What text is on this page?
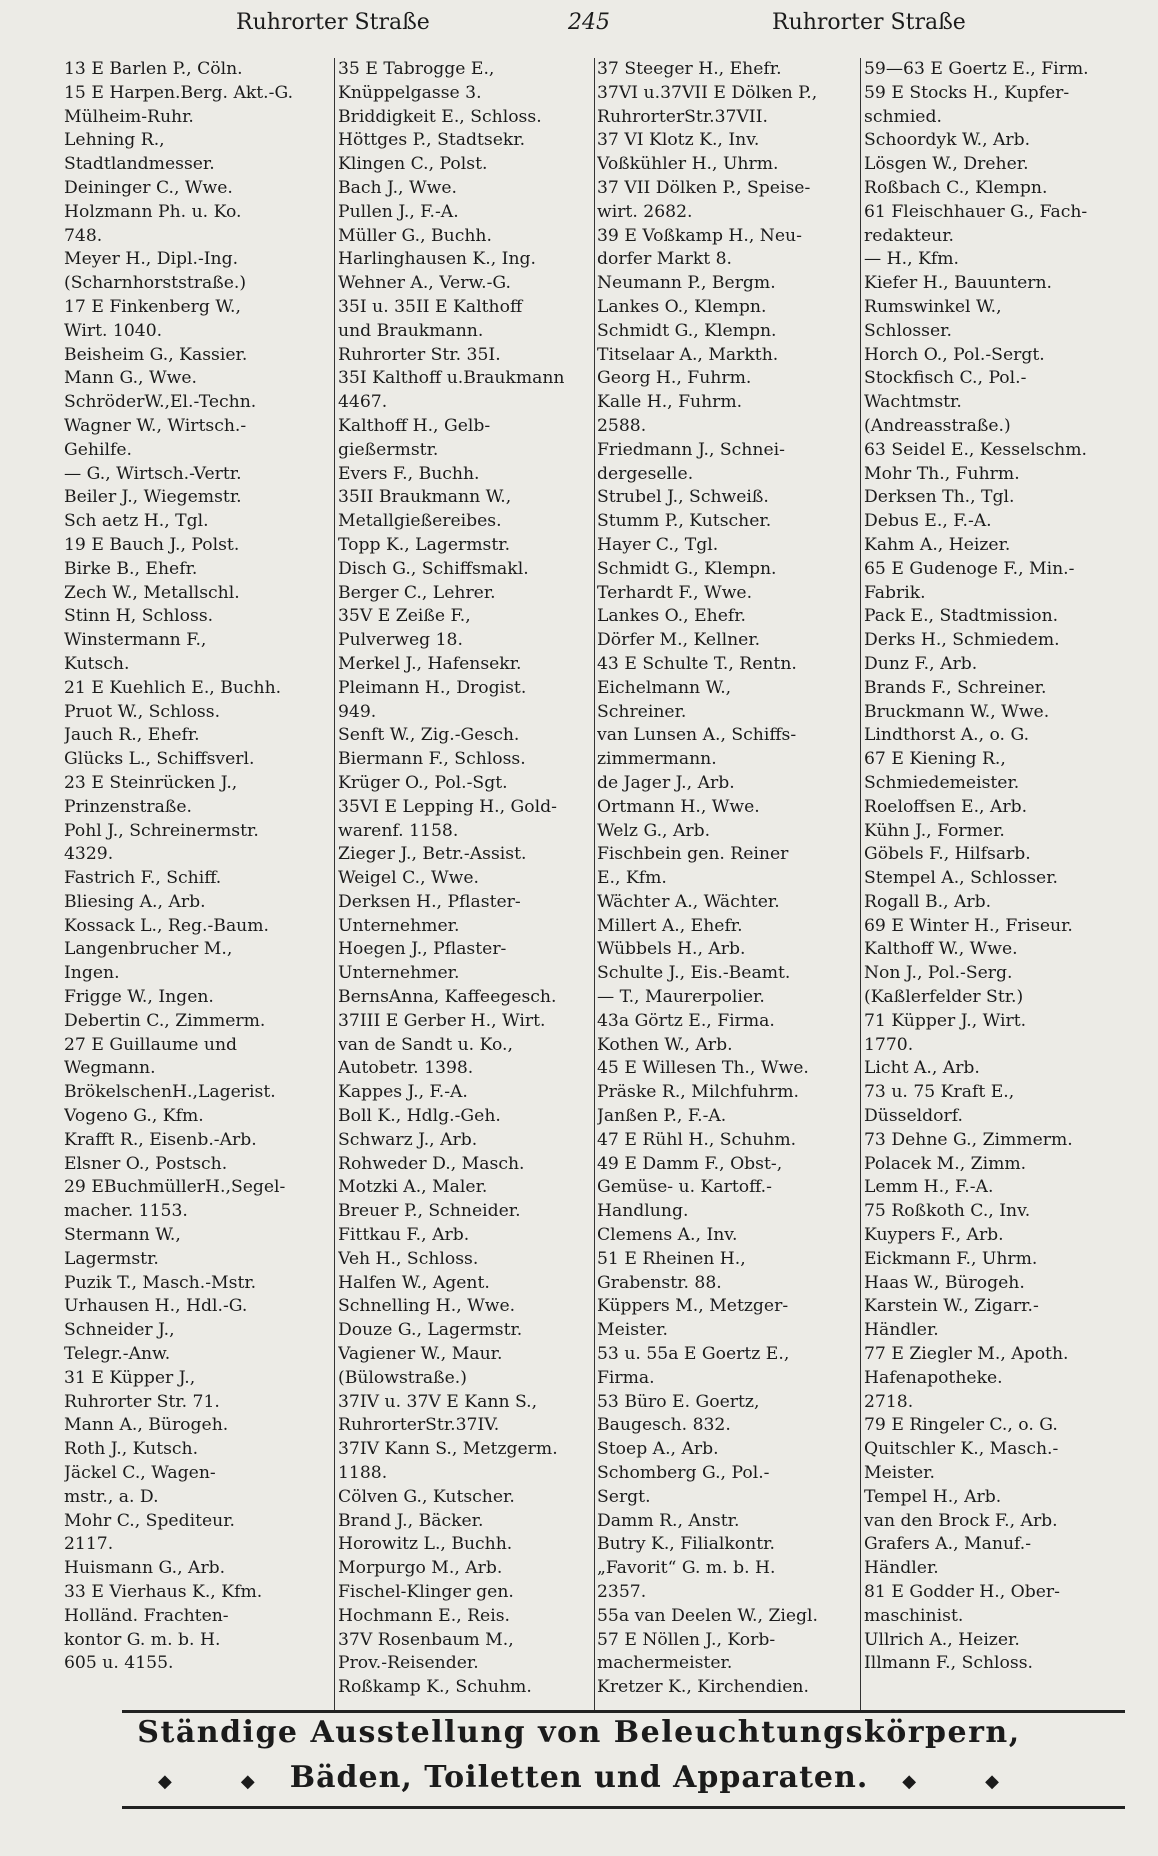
Ruhrorter Straße	245	Ruhrorter Straße
13 E Barlen P., Cöln.
15 E Harpen.Berg. Akt.-G.
Mülheim-Ruhr.
Lehning R.,
Stadtlandmesser.
Deininger C., Wwe.
Holzmann Ph. u. Ko.
748.
Meyer H., Dipl.-Ing.
(Scharnhorststraße.)
17 E Finkenberg W.,
Wirt. 1040.
Beisheim G., Kassier.
Mann G., Wwe.
SchröderW.,El.-Techn.
Wagner W., Wirtsch.-
Gehilfe.
— G., Wirtsch.-Vertr.
Beiler J., Wiegemstr.
Sch aetz H., Tgl.
19 E Bauch J., Polst.
Birke B., Ehefr.
Zech W., Metallschl.
Stinn H, Schloss.
Winstermann F.,
Kutsch.
21 E Kuehlich E., Buchh.
Pruot W., Schloss.
Jauch R., Ehefr.
Glücks L., Schiffsverl.
23 E Steinrücken J.,
Prinzenstraße.
Pohl J., Schreinermstr.
4329.
Fastrich F., Schiff.
Bliesing A., Arb.
Kossack L., Reg.-Baum.
Langenbrucher M.,
Ingen.
Frigge W., Ingen.
Debertin C., Zimmerm.
27 E Guillaume und
Wegmann.
BrökelschenH.,Lagerist.
Vogeno G., Kfm.
Krafft R., Eisenb.-Arb.
Elsner O., Postsch.
29 EBuchmüllerH.,Segel-
macher. 1153.
Stermann W.,
Lagermstr.
Puzik T., Masch.-Mstr.
Urhausen H., Hdl.-G.
Schneider J.,
Telegr.-Anw.
31 E Küpper J.,
Ruhrorter Str. 71.
Mann A., Bürogeh.
Roth J., Kutsch.
Jäckel C., Wagen-
mstr., a. D.
Mohr C., Spediteur.
2117.
Huismann G., Arb.
33 E Vierhaus K., Kfm.
Holländ. Frachten-
kontor G. m. b. H.
605 u. 4155.
35 E Tabrogge E.,
Knüppelgasse 3.
Briddigkeit E., Schloss.
Höttges P., Stadtsekr.
Klingen C., Polst.
Bach J., Wwe.
Pullen J., F.-A.
Müller G., Buchh.
Harlinghausen K., Ing.
Wehner A., Verw.-G.
35I u. 35II E Kalthoff
und Braukmann.
Ruhrorter Str. 35I.
35I Kalthoff u.Braukmann
4467.
Kalthoff H., Gelb-
gießermstr.
Evers F., Buchh.
35II Braukmann W.,
Metallgießereibes.
Topp K., Lagermstr.
Disch G., Schiffsmakl.
Berger C., Lehrer.
35V E Zeiße F.,
Pulverweg 18.
Merkel J., Hafensekr.
Pleimann H., Drogist.
949.
Senft W., Zig.-Gesch.
Biermann F., Schloss.
Krüger O., Pol.-Sgt.
35VI E Lepping H., Gold-
warenf. 1158.
Zieger J., Betr.-Assist.
Weigel C., Wwe.
Derksen H., Pflaster-
Unternehmer.
Hoegen J., Pflaster-
Unternehmer.
BernsAnna, Kaffeegesch.
37III E Gerber H., Wirt.
van de Sandt u. Ko.,
Autobetr. 1398.
Kappes J., F.-A.
Boll K., Hdlg.-Geh.
Schwarz J., Arb.
Rohweder D., Masch.
Motzki A., Maler.
Breuer P., Schneider.
Fittkau F., Arb.
Veh H., Schloss.
Halfen W., Agent.
Schnelling H., Wwe.
Douze G., Lagermstr.
Vagiener W., Maur.
(Bülowstraße.)
37IV u. 37V E Kann S.,
RuhrorterStr.37IV.
37IV Kann S., Metzgerm.
1188.
Cölven G., Kutscher.
Brand J., Bäcker.
Horowitz L., Buchh.
Morpurgo M., Arb.
Fischel-Klinger gen.
Hochmann E., Reis.
37V Rosenbaum M.,
Prov.-Reisender.
Roßkamp K., Schuhm.
37 Steeger H., Ehefr.
37VI u.37VII E Dölken P.,
RuhrorterStr.37VII.
37 VI Klotz K., Inv.
Voßkühler H., Uhrm.
37 VII Dölken P., Speise-
wirt. 2682.
39 E Voßkamp H., Neu-
dorfer Markt 8.
Neumann P., Bergm.
Lankes O., Klempn.
Schmidt G., Klempn.
Titselaar A., Markth.
Georg H., Fuhrm.
Kalle H., Fuhrm.
2588.
Friedmann J., Schnei-
dergeselle.
Strubel J., Schweiß.
Stumm P., Kutscher.
Hayer C., Tgl.
Schmidt G., Klempn.
Terhardt F., Wwe.
Lankes O., Ehefr.
Dörfer M., Kellner.
43 E Schulte T., Rentn.
Eichelmann W.,
Schreiner.
van Lunsen A., Schiffs-
zimmermann.
de Jager J., Arb.
Ortmann H., Wwe.
Welz G., Arb.
Fischbein gen. Reiner
E., Kfm.
Wächter A., Wächter.
Millert A., Ehefr.
Wübbels H., Arb.
Schulte J., Eis.-Beamt.
— T., Maurerpolier.
43a Görtz E., Firma.
Kothen W., Arb.
45 E Willesen Th., Wwe.
Präske R., Milchfuhrm.
Janßen P., F.-A.
47 E Rühl H., Schuhm.
49 E Damm F., Obst-,
Gemüse- u. Kartoff.-
Handlung.
Clemens A., Inv.
51 E Rheinen H.,
Grabenstr. 88.
Küppers M., Metzger-
Meister.
53 u. 55a E Goertz E.,
Firma.
53 Büro E. Goertz,
Baugesch. 832.
Stoep A., Arb.
Schomberg G., Pol.-
Sergt.
Damm R., Anstr.
Butry K., Filialkontr.
„Favorit“ G. m. b. H.
2357.
55a van Deelen W., Ziegl.
57 E Nöllen J., Korb-
machermeister.
Kretzer K., Kirchendien.
59—63 E Goertz E., Firm.
59 E Stocks H., Kupfer-
schmied.
Schoordyk W., Arb.
Lösgen W., Dreher.
Roßbach C., Klempn.
61 Fleischhauer G., Fach-
redakteur.
— H., Kfm.
Kiefer H., Bauuntern.
Rumswinkel W.,
Schlosser.
Horch O., Pol.-Sergt.
Stockfisch C., Pol.-
Wachtmstr.
(Andreasstraße.)
63 Seidel E., Kesselschm.
Mohr Th., Fuhrm.
Derksen Th., Tgl.
Debus E., F.-A.
Kahm A., Heizer.
65 E Gudenoge F., Min.-
Fabrik.
Pack E., Stadtmission.
Derks H., Schmiedem.
Dunz F., Arb.
Brands F., Schreiner.
Bruckmann W., Wwe.
Lindthorst A., o. G.
67 E Kiening R.,
Schmiedemeister.
Roeloffsen E., Arb.
Kühn J., Former.
Göbels F., Hilfsarb.
Stempel A., Schlosser.
Rogall B., Arb.
69 E Winter H., Friseur.
Kalthoff W., Wwe.
Non J., Pol.-Serg.
(Kaßlerfelder Str.)
71 Küpper J., Wirt.
1770.
Licht A., Arb.
73 u. 75 Kraft E.,
Düsseldorf.
73 Dehne G., Zimmerm.
Polacek M., Zimm.
Lemm H., F.-A.
75 Roßkoth C., Inv.
Kuypers F., Arb.
Eickmann F., Uhrm.
Haas W., Bürogeh.
Karstein W., Zigarr.-
Händler.
77 E Ziegler M., Apoth.
Hafenapotheke.
2718.
79 E Ringeler C., o. G.
Quitschler K., Masch.-
Meister.
Tempel H., Arb.
van den Brock F., Arb.
Grafers A., Manuf.-
Händler.
81 E Godder H., Ober-
maschinist.
Ullrich A., Heizer.
Illmann F., Schloss.
Ständige Ausstellung von Beleuchtungskörpern,
◆	◆ Bäden, Toiletten und Apparaten. ◆	◆
